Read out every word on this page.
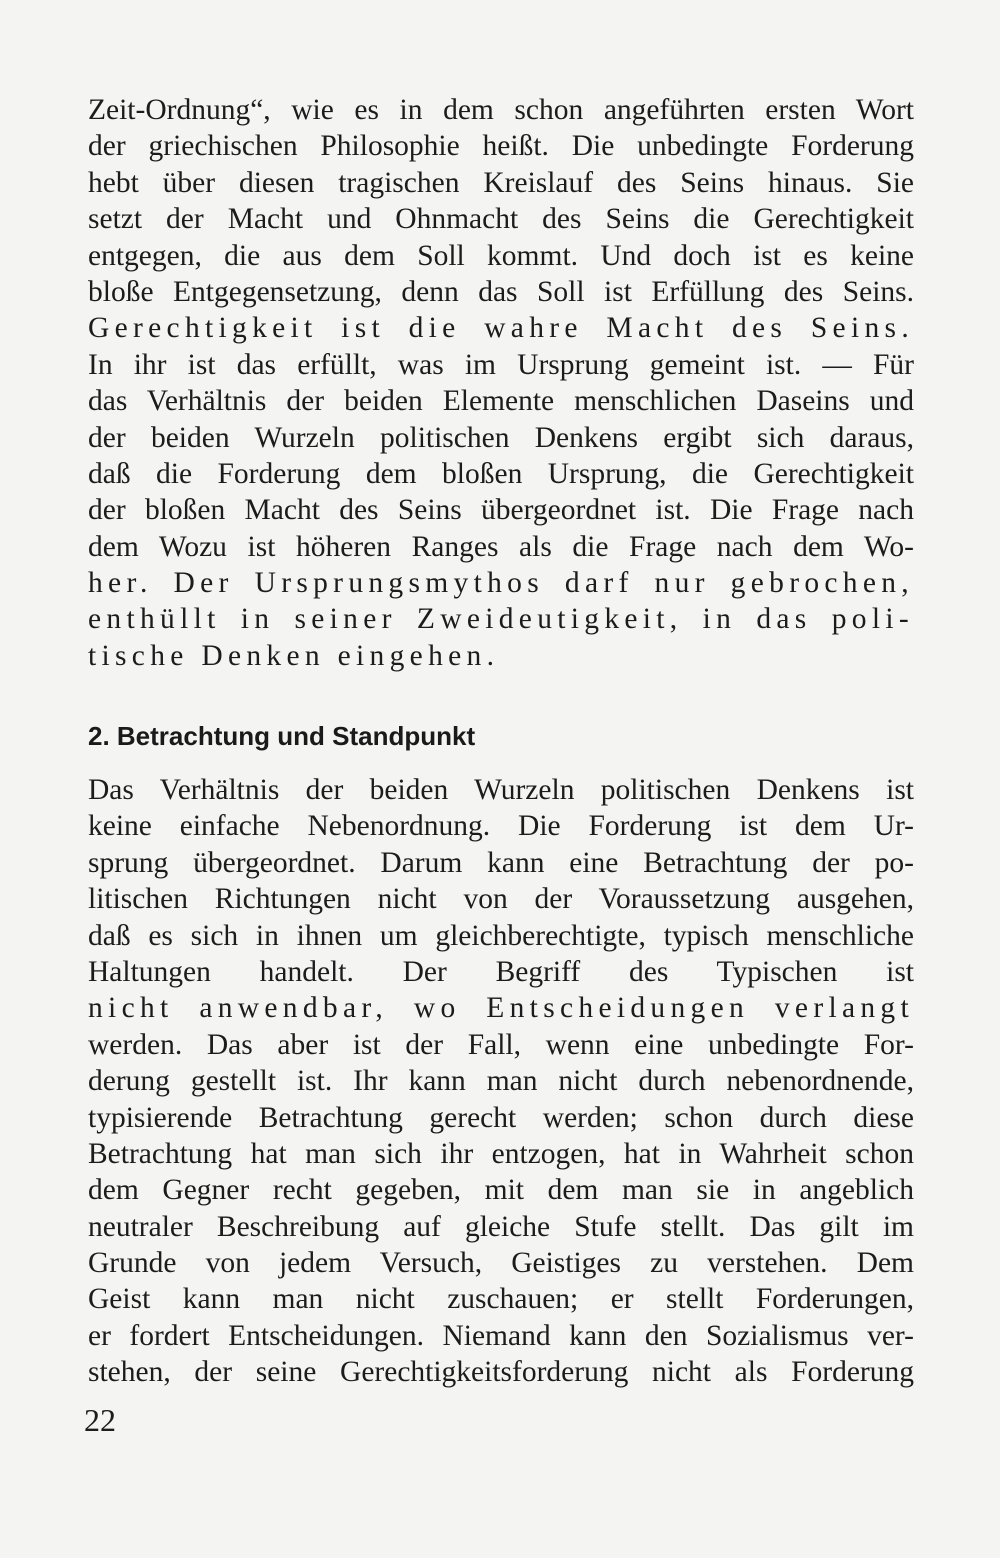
Zeit-Ordnung“, wie es in dem schon angeführten ersten Wort
der griechischen Philosophie heißt. Die unbedingte Forderung
hebt über diesen tragischen Kreislauf des Seins hinaus. Sie
setzt der Macht und Ohnmacht des Seins die Gerechtigkeit
entgegen, die aus dem Soll kommt. Und doch ist es keine
bloße Entgegensetzung, denn das Soll ist Erfüllung des Seins.
Gerechtigkeit ist die wahre Macht des Seins.
In ihr ist das erfüllt, was im Ursprung gemeint ist. — Für
das Verhältnis der beiden Elemente menschlichen Daseins und
der beiden Wurzeln politischen Denkens ergibt sich daraus,
daß die Forderung dem bloßen Ursprung, die Gerechtigkeit
der bloßen Macht des Seins übergeordnet ist. Die Frage nach
dem Wozu ist höheren Ranges als die Frage nach dem Wo-
her. Der Ursprungsmythos darf nur gebrochen,
enthüllt in seiner Zweideutigkeit, in das poli-
tische Denken eingehen.
2. Betrachtung und Standpunkt
Das Verhältnis der beiden Wurzeln politischen Denkens ist
keine einfache Nebenordnung. Die Forderung ist dem Ur-
sprung übergeordnet. Darum kann eine Betrachtung der po-
litischen Richtungen nicht von der Voraussetzung ausgehen,
daß es sich in ihnen um gleichberechtigte, typisch menschliche
Haltungen handelt. Der Begriff des Typischen ist
nicht anwendbar, wo Entscheidungen verlangt
werden. Das aber ist der Fall, wenn eine unbedingte For-
derung gestellt ist. Ihr kann man nicht durch nebenordnende,
typisierende Betrachtung gerecht werden; schon durch diese
Betrachtung hat man sich ihr entzogen, hat in Wahrheit schon
dem Gegner recht gegeben, mit dem man sie in angeblich
neutraler Beschreibung auf gleiche Stufe stellt. Das gilt im
Grunde von jedem Versuch, Geistiges zu verstehen. Dem
Geist kann man nicht zuschauen; er stellt Forderungen,
er fordert Entscheidungen. Niemand kann den Sozialismus ver-
stehen, der seine Gerechtigkeitsforderung nicht als Forderung
22
